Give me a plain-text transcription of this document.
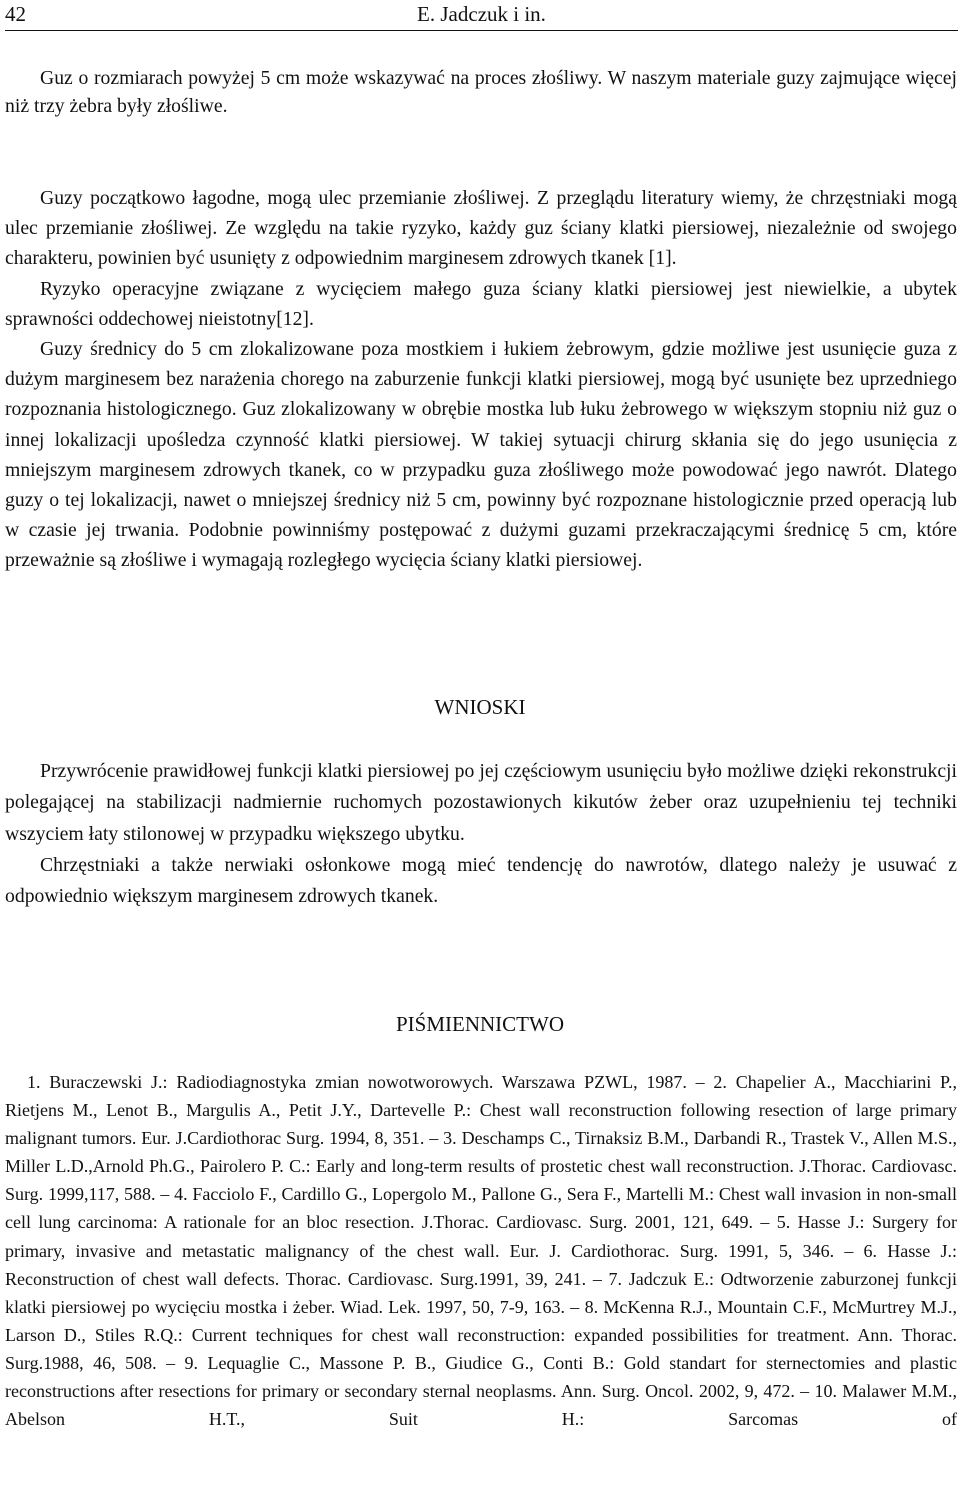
42	E. Jadczuk i in.

Guz o rozmiarach powyżej 5 cm może wskazywać na proces złośliwy. W naszym materiale guzy zajmujące więcej niż trzy żebra były złośliwe.

Guzy początkowo łagodne, mogą ulec przemianie złośliwej. Z przeglądu literatury wiemy, że chrzęstniaki mogą ulec przemianie złośliwej. Ze względu na takie ryzyko, każdy guz ściany klatki piersiowej, niezależnie od swojego charakteru, powinien być usunięty z odpowiednim marginesem zdrowych tkanek [1].

Ryzyko operacyjne związane z wycięciem małego guza ściany klatki piersiowej jest niewielkie, a ubytek sprawności oddechowej nieistotny[12].

Guzy średnicy do 5 cm zlokalizowane poza mostkiem i łukiem żebrowym, gdzie możliwe jest usunięcie guza z dużym marginesem bez narażenia chorego na zaburzenie funkcji klatki piersiowej, mogą być usunięte bez uprzedniego rozpoznania histologicznego. Guz zlokalizowany w obrębie mostka lub łuku żebrowego w większym stopniu niż guz o innej lokalizacji upośledza czynność klatki piersiowej. W takiej sytuacji chirurg skłania się do jego usunięcia z mniejszym marginesem zdrowych tkanek, co w przypadku guza złośliwego może powodować jego nawrót. Dlatego guzy o tej lokalizacji, nawet o mniejszej średnicy niż 5 cm, powinny być rozpoznane histologicznie przed operacją lub w czasie jej trwania. Podobnie powinniśmy postępować z dużymi guzami przekraczającymi średnicę 5 cm, które przeważnie są złośliwe i wymagają rozległego wycięcia ściany klatki piersiowej.

WNIOSKI

Przywrócenie prawidłowej funkcji klatki piersiowej po jej częściowym usunięciu było możliwe dzięki rekonstrukcji polegającej na stabilizacji nadmiernie ruchomych pozostawionych kikutów żeber oraz uzupełnieniu tej techniki wszyciem łaty stilonowej w przypadku większego ubytku.

Chrzęstniaki a także nerwiaki osłonkowe mogą mieć tendencję do nawrotów, dlatego należy je usuwać z odpowiednio większym marginesem zdrowych tkanek.

PIŚMIENNICTWO

1. Buraczewski J.: Radiodiagnostyka zmian nowotworowych. Warszawa PZWL, 1987. – 2. Chapelier A., Macchiarini P., Rietjens M., Lenot B., Margulis A., Petit J.Y., Dartevelle P.: Chest wall reconstruction following resection of large primary malignant tumors. Eur. J.Cardiothorac Surg. 1994, 8, 351. – 3. Deschamps C., Tirnaksiz B.M., Darbandi R., Trastek V., Allen M.S., Miller L.D.,Arnold Ph.G., Pairolero P. C.: Early and long-term results of prostetic chest wall reconstruction. J.Thorac. Cardiovasc. Surg. 1999,117, 588. – 4. Facciolo F., Cardillo G., Lopergolo M., Pallone G., Sera F., Martelli M.: Chest wall invasion in non-small cell lung carcinoma: A rationale for an bloc resection. J.Thorac. Cardiovasc. Surg. 2001, 121, 649. – 5. Hasse J.: Surgery for primary, invasive and metastatic malignancy of the chest wall. Eur. J. Cardiothorac. Surg. 1991, 5, 346. – 6. Hasse J.: Reconstruction of chest wall defects. Thorac. Cardiovasc. Surg.1991, 39, 241. – 7. Jadczuk E.: Odtworzenie zaburzonej funkcji klatki piersiowej po wycięciu mostka i żeber. Wiad. Lek. 1997, 50, 7-9, 163. – 8. McKenna R.J., Mountain C.F., McMurtrey M.J., Larson D., Stiles R.Q.: Current techniques for chest wall reconstruction: expanded possibilities for treatment. Ann. Thorac. Surg.1988, 46, 508. – 9. Lequaglie C., Massone P. B., Giudice G., Conti B.: Gold standart for sternectomies and plastic reconstructions after resections for primary or secondary sternal neoplasms. Ann. Surg. Oncol. 2002, 9, 472. – 10. Malawer M.M., Abelson H.T., Suit H.: Sarcomas of
